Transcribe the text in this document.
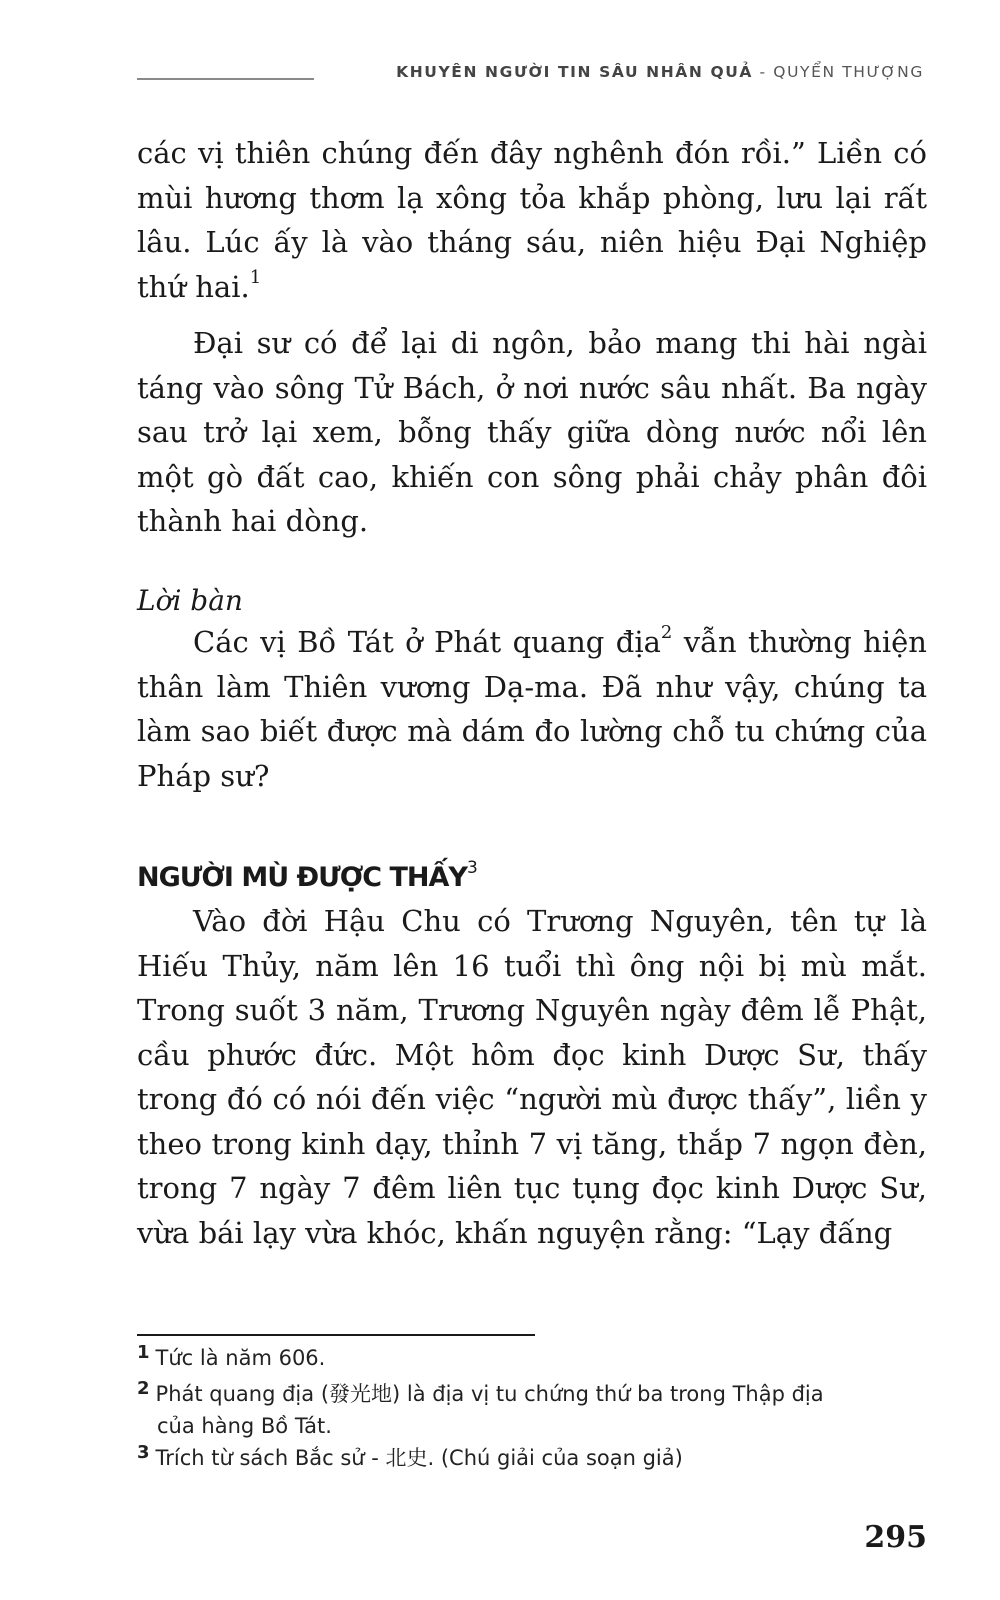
KHUYÊN NGƯỜI TIN SÂU NHÂN QUẢ - QUYỂN THƯỢNG

các vị thiên chúng đến đây nghênh đón rồi.” Liền có mùi hương thơm lạ xông tỏa khắp phòng, lưu lại rất lâu. Lúc ấy là vào tháng sáu, niên hiệu Đại Nghiệp thứ hai.$^1$

Đại sư có để lại di ngôn, bảo mang thi hài ngài táng vào sông Tử Bách, ở nơi nước sâu nhất. Ba ngày sau trở lại xem, bỗng thấy giữa dòng nước nổi lên một gò đất cao, khiến con sông phải chảy phân đôi thành hai dòng.

Lời bàn

Các vị Bồ Tát ở Phát quang địa$^2$ vẫn thường hiện thân làm Thiên vương Dạ-ma. Đã như vậy, chúng ta làm sao biết được mà dám đo lường chỗ tu chứng của Pháp sư?

NGƯỜI MÙ ĐƯỢC THẤY$^3$

Vào đời Hậu Chu có Trương Nguyên, tên tự là Hiếu Thủy, năm lên 16 tuổi thì ông nội bị mù mắt. Trong suốt 3 năm, Trương Nguyên ngày đêm lễ Phật, cầu phước đức. Một hôm đọc kinh Dược Sư, thấy trong đó có nói đến việc “người mù được thấy”, liền y theo trong kinh dạy, thỉnh 7 vị tăng, thắp 7 ngọn đèn, trong 7 ngày 7 đêm liên tục tụng đọc kinh Dược Sư, vừa bái lạy vừa khóc, khấn nguyện rằng: “Lạy đấng

1 Tức là năm 606.

2 Phát quang địa (發光地) là địa vị tu chứng thứ ba trong Thập địa
của hàng Bồ Tát.

3 Trích từ sách Bắc sử - 北史. (Chú giải của soạn giả)

295
